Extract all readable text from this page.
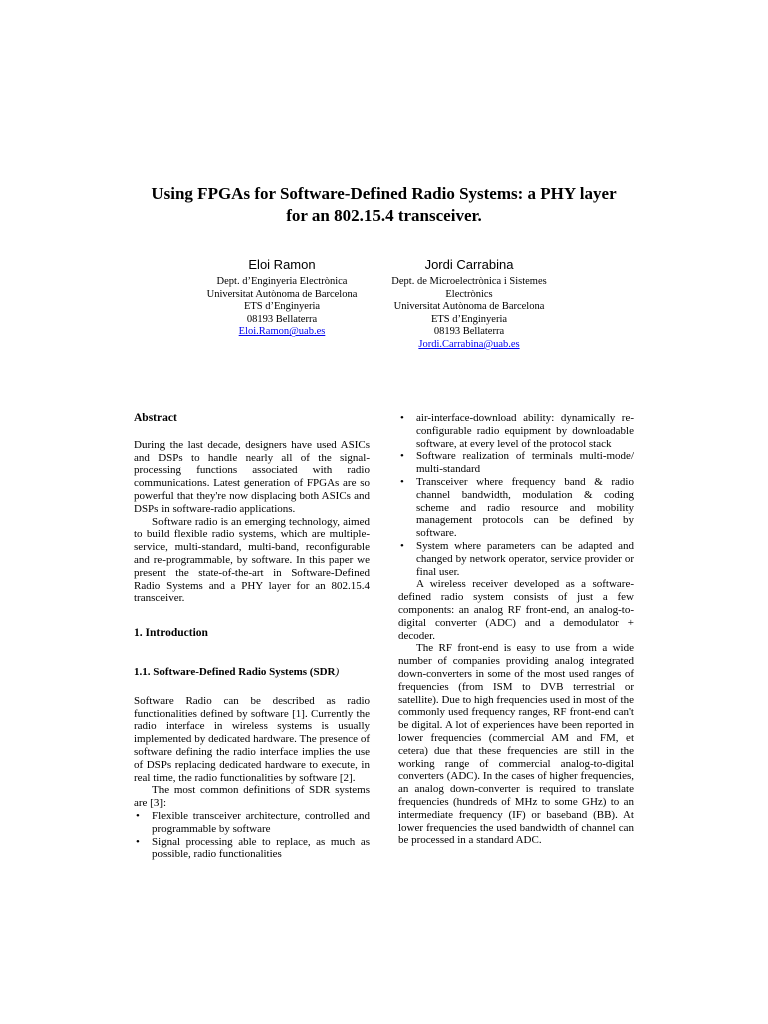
Using FPGAs for Software-Defined Radio Systems: a PHY layer
for an 802.15.4 transceiver.
Eloi Ramon
Dept. d’Enginyeria Electrònica
Universitat Autònoma de Barcelona
ETS d’Enginyeria
08193 Bellaterra
Eloi.Ramon@uab.es
Jordi Carrabina
Dept. de Microelectrònica i Sistemes
Electrònics
Universitat Autònoma de Barcelona
ETS d’Enginyeria
08193 Bellaterra
Jordi.Carrabina@uab.es

Abstract

During the last decade, designers have used ASICs and DSPs to handle nearly all of the signal-processing functions associated with radio communications. Latest generation of FPGAs are so powerful that they're now displacing both ASICs and DSPs in software-radio applications.

Software radio is an emerging technology, aimed to build flexible radio systems, which are multiple-service, multi-standard, multi-band, reconfigurable and re-programmable, by software. In this paper we present the state-of-the-art in Software-Defined Radio Systems and a PHY layer for an 802.15.4 transceiver.

1. Introduction

1.1. Software-Defined Radio Systems (SDR)

Software Radio can be described as radio functionalities defined by software [1]. Currently the radio interface in wireless systems is usually implemented by dedicated hardware. The presence of software defining the radio interface implies the use of DSPs replacing dedicated hardware to execute, in real time, the radio functionalities by software [2].

The most common definitions of SDR systems are [3]:

• Flexible transceiver architecture, controlled and programmable by software
• Signal processing able to replace, as much as possible, radio functionalities
• air-interface-download ability: dynamically re-configurable radio equipment by downloadable software, at every level of the protocol stack
• Software realization of terminals multi-mode/ multi-standard
• Transceiver where frequency band & radio channel bandwidth, modulation & coding scheme and radio resource and mobility management protocols can be defined by software.
• System where parameters can be adapted and changed by network operator, service provider or final user.

A wireless receiver developed as a software-defined radio system consists of just a few components: an analog RF front-end, an analog-to-digital converter (ADC) and a demodulator + decoder.

The RF front-end is easy to use from a wide number of companies providing analog integrated down-converters in some of the most used ranges of frequencies (from ISM to DVB terrestrial or satellite). Due to high frequencies used in most of the commonly used frequency ranges, RF front-end can't be digital. A lot of experiences have been reported in lower frequencies (commercial AM and FM, et cetera) due that these frequencies are still in the working range of commercial analog-to-digital converters (ADC). In the cases of higher frequencies, an analog down-converter is required to translate frequencies (hundreds of MHz to some GHz) to an intermediate frequency (IF) or baseband (BB). At lower frequencies the used bandwidth of channel can be processed in a standard ADC.
